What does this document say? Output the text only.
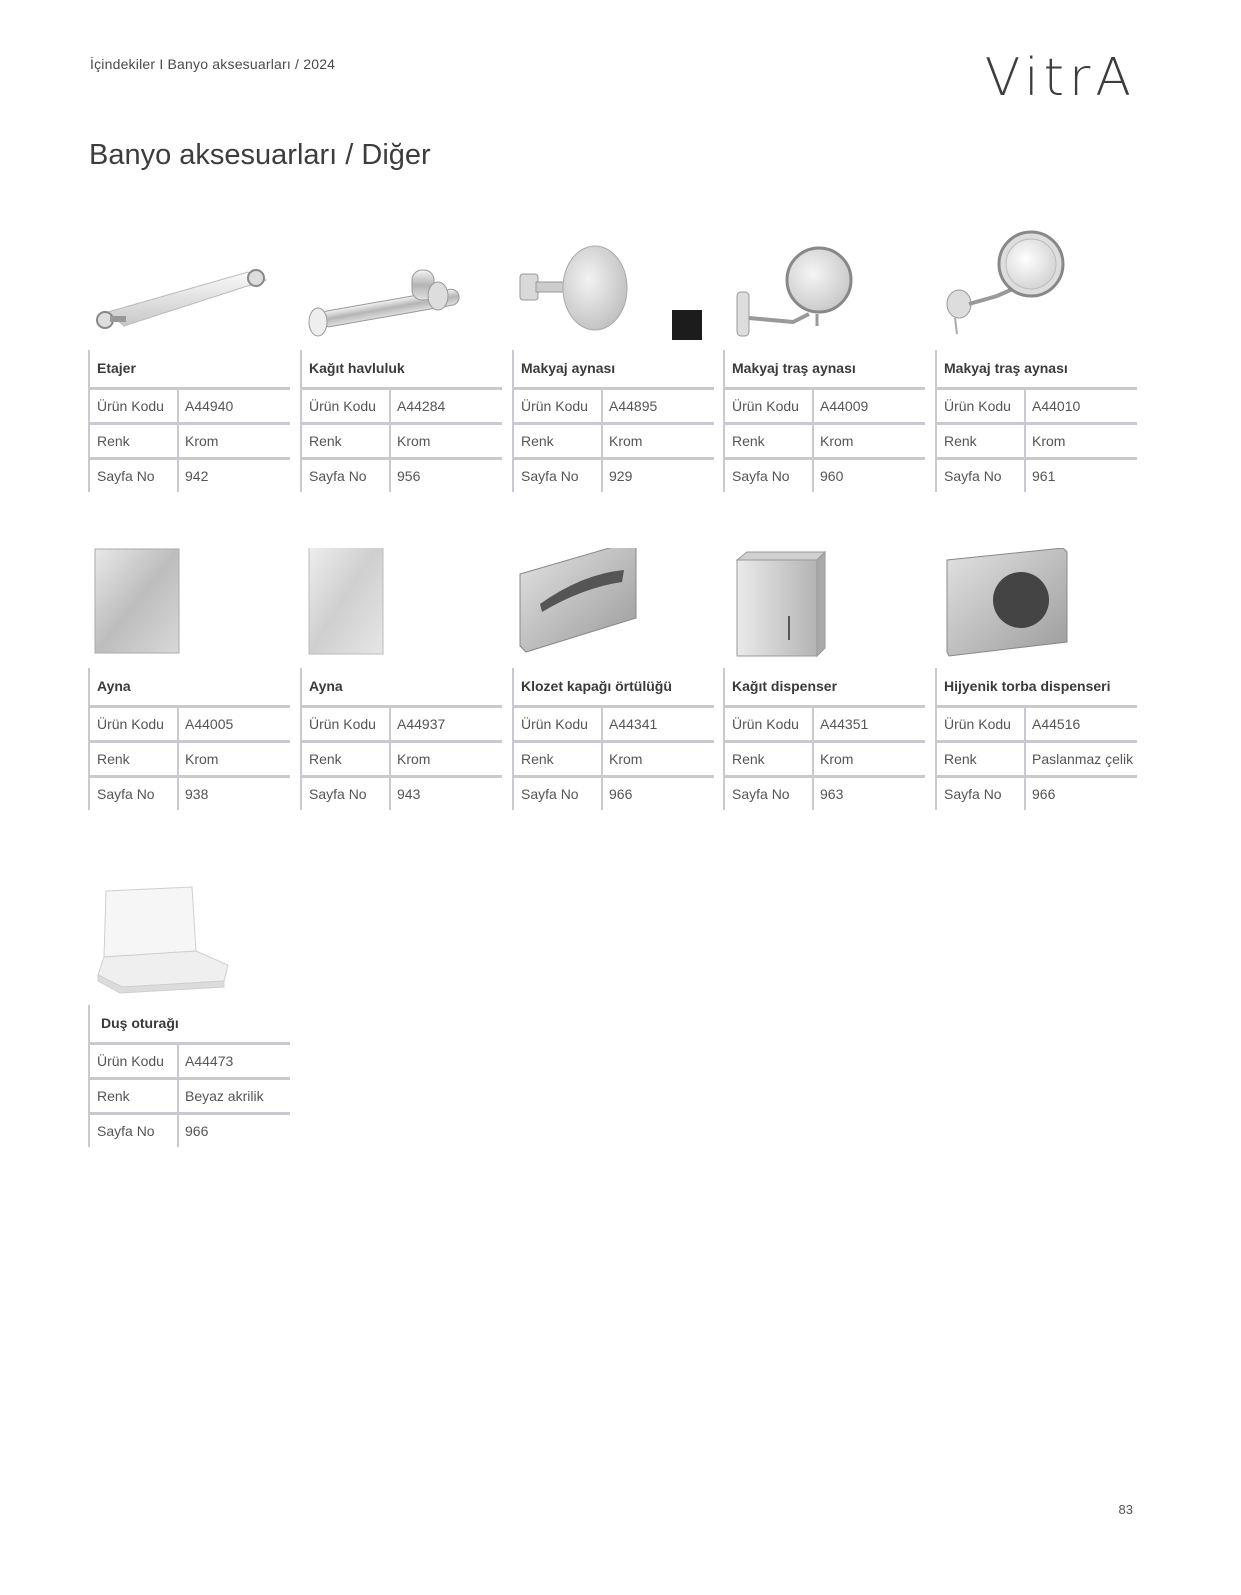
İçindekiler I Banyo aksesuarları / 2024	VitrA
Banyo aksesuarları / Diğer
Etajer
Ürün Kodu	A44940
Renk	Krom
Sayfa No	942
Kağıt havluluk
Ürün Kodu	A44284
Renk	Krom
Sayfa No	956
Makyaj aynası
Ürün Kodu	A44895
Renk	Krom
Sayfa No	929
Makyaj traş aynası
Ürün Kodu	A44009
Renk	Krom
Sayfa No	960
Makyaj traş aynası
Ürün Kodu	A44010
Renk	Krom
Sayfa No	961
Ayna
Ürün Kodu	A44005
Renk	Krom
Sayfa No	938
Ayna
Ürün Kodu	A44937
Renk	Krom
Sayfa No	943
Klozet kapağı örtülüğü
Ürün Kodu	A44341
Renk	Krom
Sayfa No	966
Kağıt dispenser
Ürün Kodu	A44351
Renk	Krom
Sayfa No	963
Hijyenik torba dispenseri
Ürün Kodu	A44516
Renk	Paslanmaz çelik
Sayfa No	966
Duş oturağı
Ürün Kodu	A44473
Renk	Beyaz akrilik
Sayfa No	966
83
